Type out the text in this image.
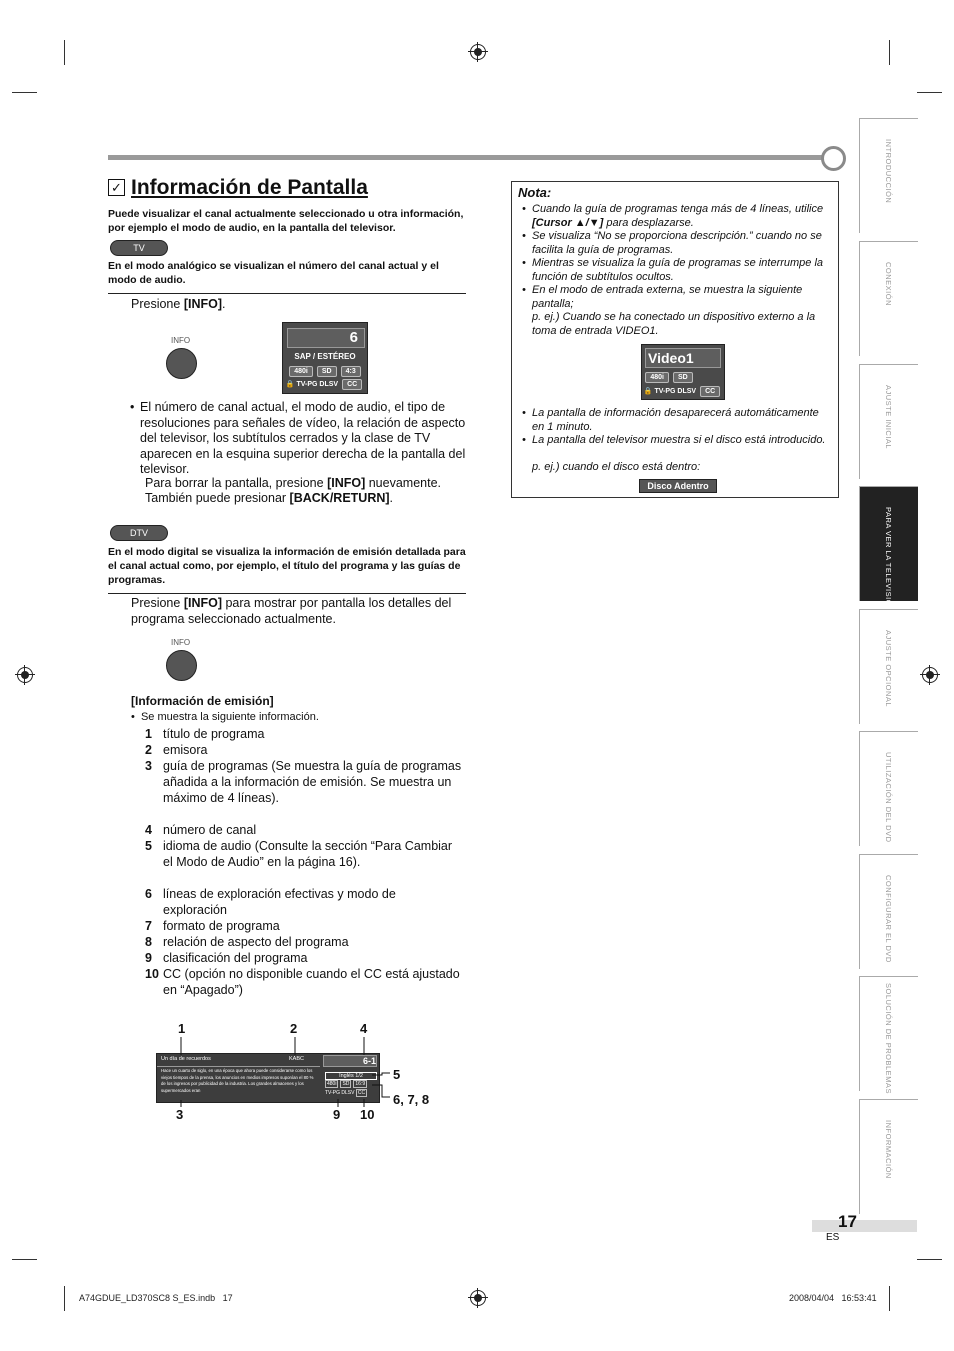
✓ Información de Pantalla
Puede visualizar el canal actualmente seleccionado u otra información, por ejemplo el modo de audio, en la pantalla del televisor.
TV
En el modo analógico se visualizan el número del canal actual y el modo de audio.
Presione [INFO].
INFO	6
SAP / ESTÉREO
480i SD 4:3
🔒 TV-PG DLSV CC
• El número de canal actual, el modo de audio, el tipo de resoluciones para señales de vídeo, la relación de aspecto del televisor, los subtítulos cerrados y la clase de TV aparecen en la esquina superior derecha de la pantalla del televisor.
Para borrar la pantalla, presione [INFO] nuevamente.
También puede presionar [BACK/RETURN].
DTV
En el modo digital se visualiza la información de emisión detallada para el canal actual como, por ejemplo, el título del programa y las guías de programas.
Presione [INFO] para mostrar por pantalla los detalles del programa seleccionado actualmente.
INFO
[Información de emisión]
•  Se muestra la siguiente información.
1 título de programa
2 emisora
3 guía de programas (Se muestra la guía de programas añadida a la información de emisión. Se muestra un máximo de 4 líneas).
4 número de canal
5 idioma de audio (Consulte la sección “Para Cambiar el Modo de Audio” en la página 16).
6 líneas de exploración efectivas y modo de exploración
7 formato de programa
8 relación de aspecto del programa
9 clasificación del programa
10 CC (opción no disponible cuando el CC está ajustado en “Apagado”)
1	2	4
5
6, 7, 8
3	9 10
Un día de recuerdos	KABC	6-1
Hace un cuarto de siglo, en una época que ahora puede considerarse como los viejos tiempos de la prensa, los anuncios en medios impresos suponían el 80 % de los ingresos por publicidad de la industria. Los grandes almacenes y los supermercados eran
Inglés 1/2
480i SD 16:9
TV-PG DLSV CC
Nota:
• Cuando la guía de programas tenga más de 4 líneas, utilice [Cursor ▲/▼] para desplazarse.
• Se visualiza “No se proporciona descripción.” cuando no se facilita la guía de programas.
• Mientras se visualiza la guía de programas se interrumpe la función de subtítulos ocultos.
• En el modo de entrada externa, se muestra la siguiente pantalla;
p. ej.) Cuando se ha conectado un dispositivo externo a la toma de entrada VIDEO1.
Video1
480i SD
🔒 TV-PG DLSV CC
• La pantalla de información desaparecerá automáticamente en 1 minuto.
• La pantalla del televisor muestra si el disco está introducido.
p. ej.) cuando el disco está dentro:
Disco Adentro
INTRODUCCIÓN
CONEXIÓN
AJUSTE INICIAL
PARA VER LA TELEVISIÓN
AJUSTE OPCIONAL
UTILIZACIÓN DEL DVD
CONFIGURAR EL DVD
SOLUCIÓN DE PROBLEMAS
INFORMACIÓN
17
ES
A74GDUE_LD370SC8 S_ES.indb   17	2008/04/04   16:53:41
